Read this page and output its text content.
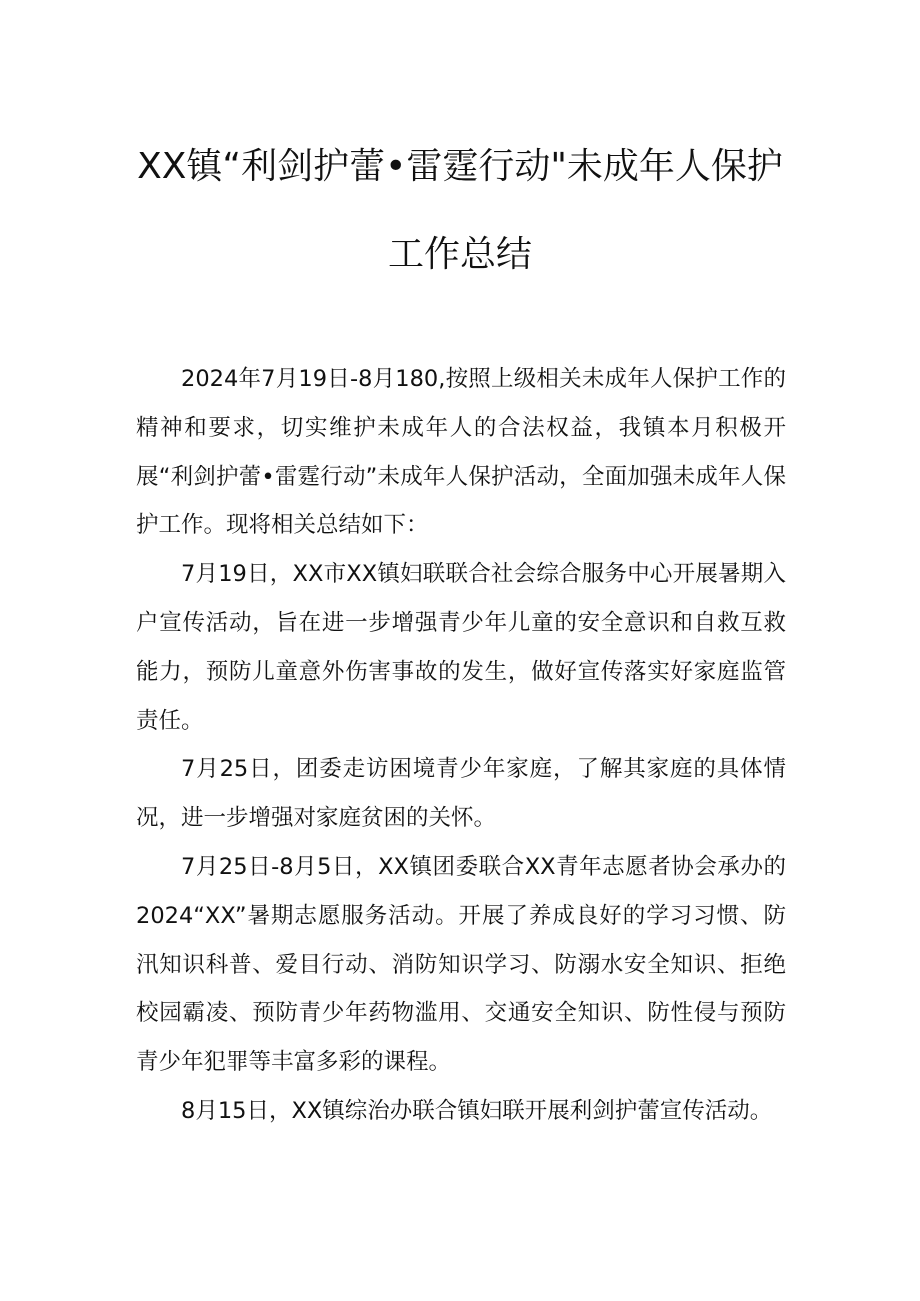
XX镇“利剑护蕾•雷霆行动"未成年人保护
工作总结

2024年7月19日-8月180,按照上级相关未成年人保护工作的精神和要求，切实维护未成年人的合法权益，我镇本月积极开展“利剑护蕾•雷霆行动”未成年人保护活动，全面加强未成年人保护工作。现将相关总结如下：

7月19日，XX市XX镇妇联联合社会综合服务中心开展暑期入户宣传活动，旨在进一步增强青少年儿童的安全意识和自救互救能力，预防儿童意外伤害事故的发生，做好宣传落实好家庭监管责任。

7月25日，团委走访困境青少年家庭，了解其家庭的具体情况，进一步增强对家庭贫困的关怀。

7月25日-8月5日，XX镇团委联合XX青年志愿者协会承办的2024“XX”暑期志愿服务活动。开展了养成良好的学习习惯、防汛知识科普、爱目行动、消防知识学习、防溺水安全知识、拒绝校园霸凌、预防青少年药物滥用、交通安全知识、防性侵与预防青少年犯罪等丰富多彩的课程。

8月15日，XX镇综治办联合镇妇联开展利剑护蕾宣传活动。
